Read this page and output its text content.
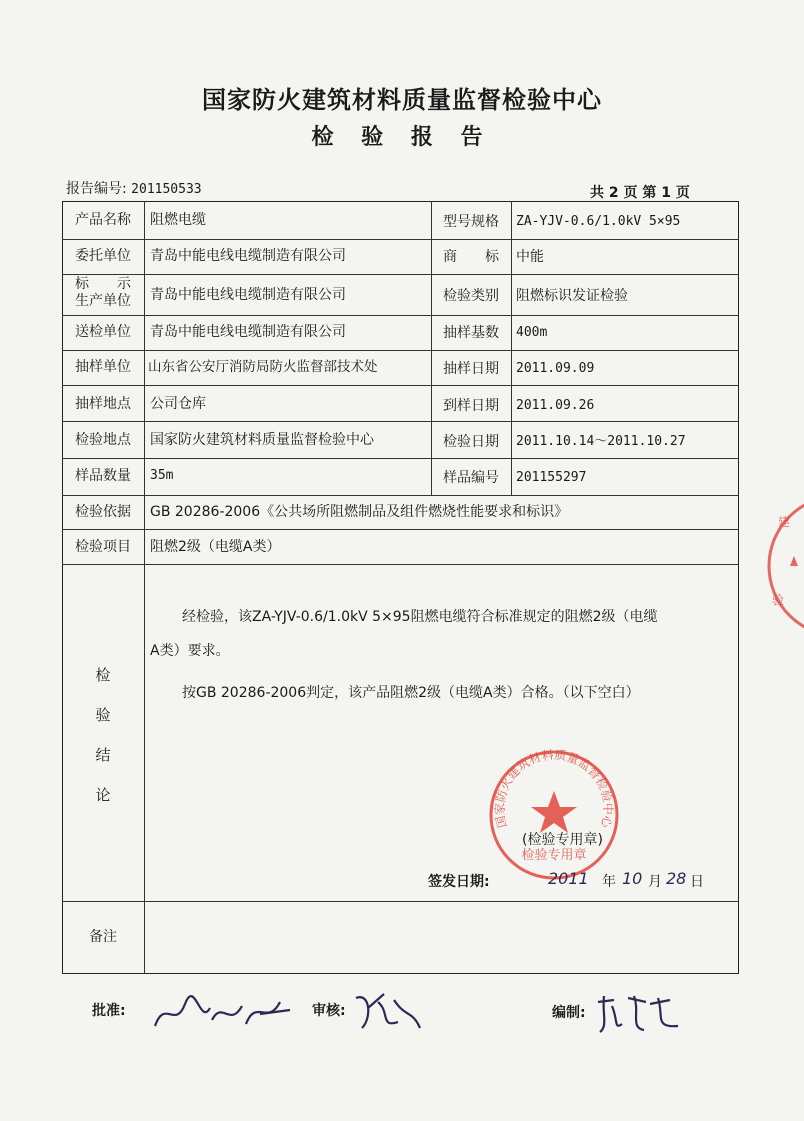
国家防火建筑材料质量监督检验中心
检 验 报 告
报告编号: 201150533	共 2 页 第 1 页
产品名称	阻燃电缆	型号规格	ZA-YJV-0.6/1.0kV 5×95
委托单位	青岛中能电线电缆制造有限公司	商　　标	中能
标　　示
生产单位	青岛中能电线电缆制造有限公司	检验类别	阻燃标识发证检验
送检单位	青岛中能电线电缆制造有限公司	抽样基数	400m
抽样单位	山东省公安厅消防局防火监督部技术处	抽样日期	2011.09.09
抽样地点	公司仓库	到样日期	2011.09.26
检验地点	国家防火建筑材料质量监督检验中心	检验日期	2011.10.14～2011.10.27
样品数量	35m	样品编号	201155297
检验依据	GB 20286-2006《公共场所阻燃制品及组件燃烧性能要求和标识》
检验项目	阻燃2级（电缆A类）
检
验
结
论
经检验，该ZA-YJV-0.6/1.0kV 5×95阻燃电缆符合标准规定的阻燃2级（电缆
A类）要求。
按GB 20286-2006判定，该产品阻燃2级（电缆A类）合格。（以下空白）
国家防火建筑材料质量监督检验中心
检验专用章
(检验专用章)
建
验
签发日期:	2011 年 10 月 28 日
备注
批准:	审核:	编制:
